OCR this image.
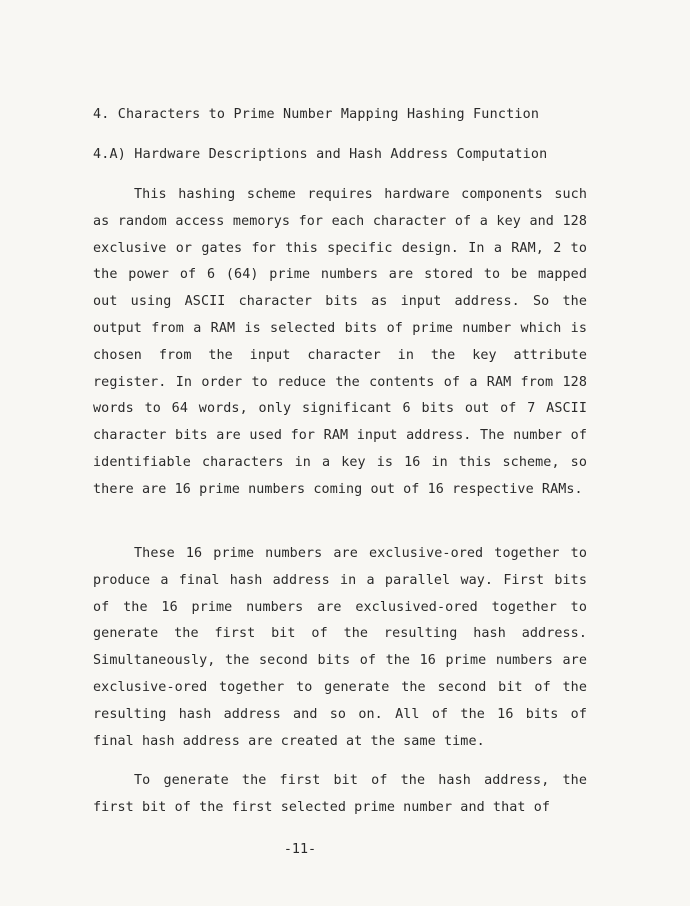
4. Characters to Prime Number Mapping Hashing Function
4.A) Hardware Descriptions and Hash Address Computation

This hashing scheme requires hardware components such as random access memorys for each character of a key and 128 exclusive or gates for this specific design. In a RAM, 2 to the power of 6 (64) prime numbers are stored to be mapped out using ASCII character bits as input address. So the output from a RAM is selected bits of prime number which is chosen from the input character in the key attribute register. In order to reduce the contents of a RAM from 128 words to 64 words, only significant 6 bits out of 7 ASCII character bits are used for RAM input address. The number of identifiable characters in a key is 16 in this scheme, so there are 16 prime numbers coming out of 16 respective RAMs.

These 16 prime numbers are exclusive-ored together to produce a final hash address in a parallel way. First bits of the 16 prime numbers are exclusived-ored together to generate the first bit of the resulting hash address. Simultaneously, the second bits of the 16 prime numbers are exclusive-ored together to generate the second bit of the resulting hash address and so on. All of the 16 bits of final hash address are created at the same time.

To generate the first bit of the hash address, the first bit of the first selected prime number and that of

-11-
